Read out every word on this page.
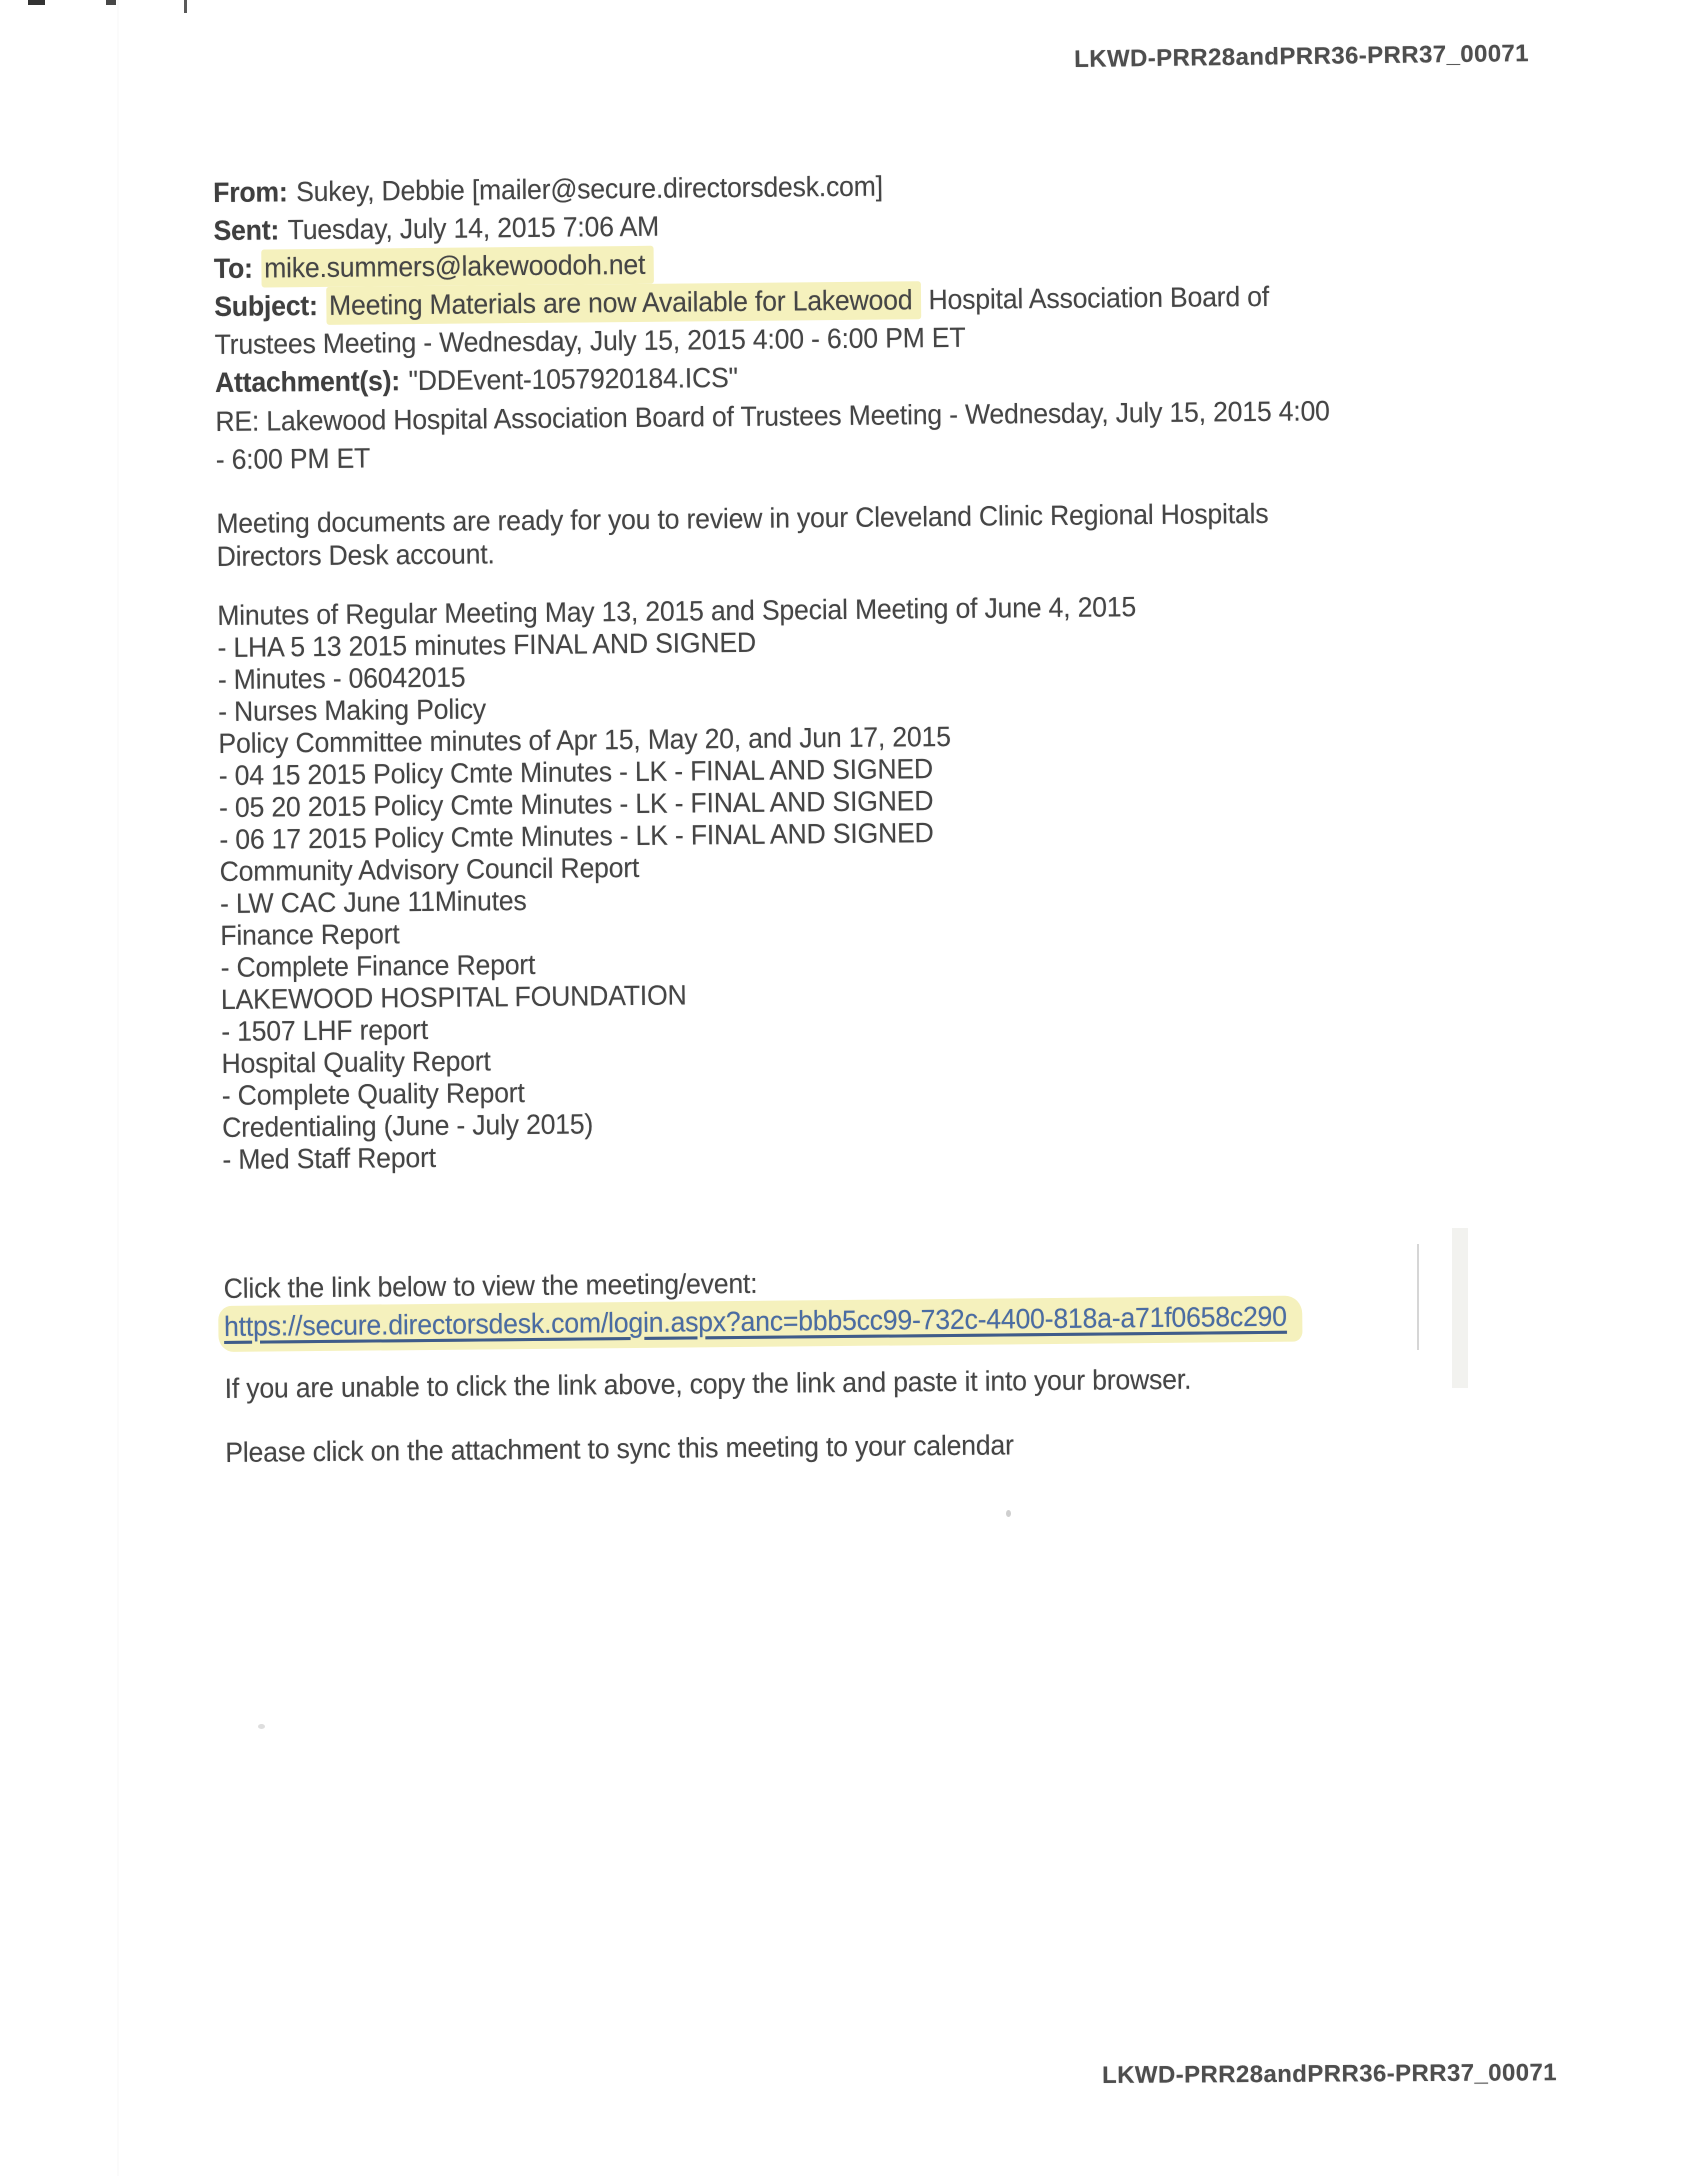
LKWD-PRR28andPRR36-PRR37_00071
From: Sukey, Debbie [mailer@secure.directorsdesk.com]
Sent: Tuesday, July 14, 2015 7:06 AM
To: mike.summers@lakewoodoh.net
Subject: Meeting Materials are now Available for Lakewood Hospital Association Board of
Trustees Meeting - Wednesday, July 15, 2015 4:00 - 6:00 PM ET
Attachment(s): "DDEvent-1057920184.ICS"
RE: Lakewood Hospital Association Board of Trustees Meeting - Wednesday, July 15, 2015 4:00
- 6:00 PM ET
Meeting documents are ready for you to review in your Cleveland Clinic Regional Hospitals
Directors Desk account.
Minutes of Regular Meeting May 13, 2015 and Special Meeting of June 4, 2015
- LHA 5 13 2015 minutes FINAL AND SIGNED
- Minutes - 06042015
- Nurses Making Policy
Policy Committee minutes of Apr 15, May 20, and Jun 17, 2015
- 04 15 2015 Policy Cmte Minutes - LK - FINAL AND SIGNED
- 05 20 2015 Policy Cmte Minutes - LK - FINAL AND SIGNED
- 06 17 2015 Policy Cmte Minutes - LK - FINAL AND SIGNED
Community Advisory Council Report
- LW CAC June 11Minutes
Finance Report
- Complete Finance Report
LAKEWOOD HOSPITAL FOUNDATION
- 1507 LHF report
Hospital Quality Report
- Complete Quality Report
Credentialing (June - July 2015)
- Med Staff Report
Click the link below to view the meeting/event:
https://secure.directorsdesk.com/login.aspx?anc=bbb5cc99-732c-4400-818a-a71f0658c290
If you are unable to click the link above, copy the link and paste it into your browser.
Please click on the attachment to sync this meeting to your calendar
LKWD-PRR28andPRR36-PRR37_00071
